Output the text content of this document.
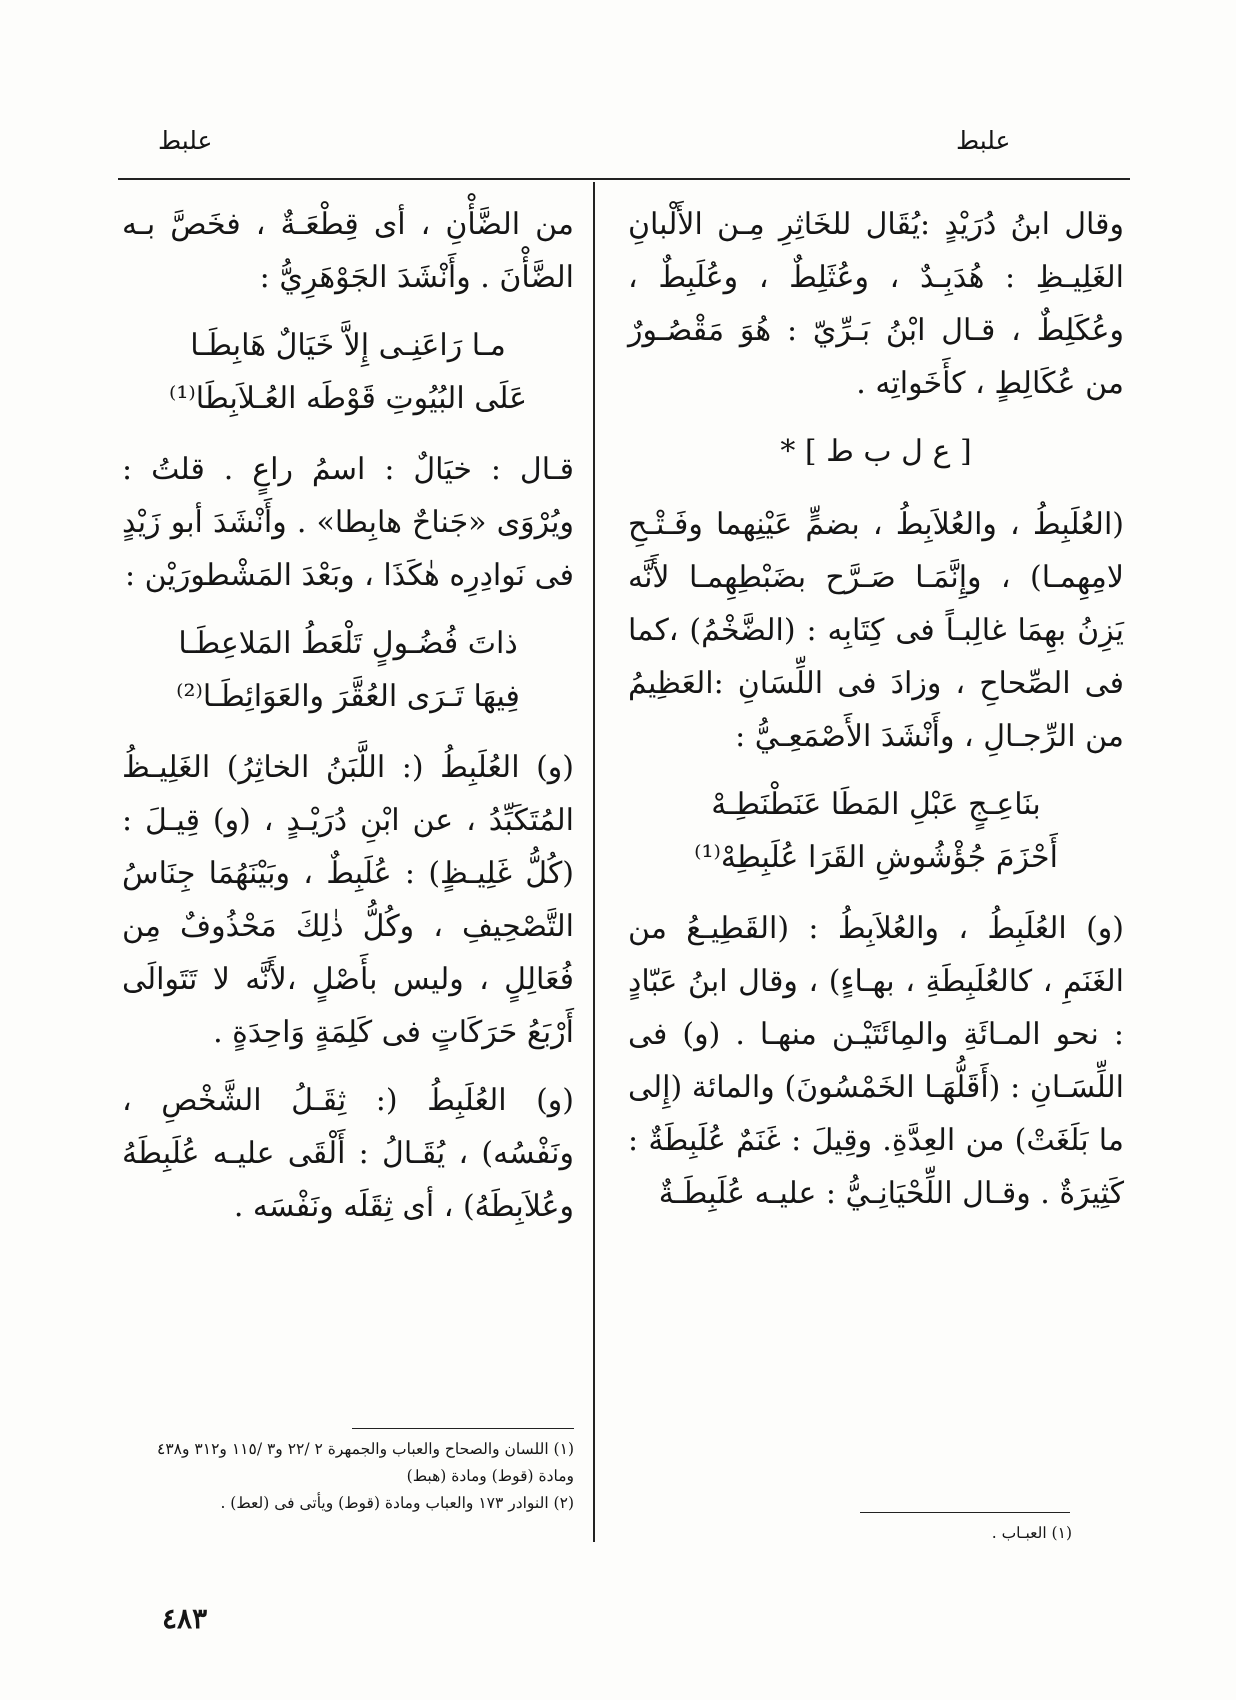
علبط
علبط

وقال ابنُ دُرَيْدٍ :يُقَال للخَاثِرِ مِـن الأَلْبانِ الغَلِيـظِ : هُدَبِـدٌ ، وعُثَلِطٌ ، وعُلَبِطٌ ، وعُكَلِطٌ ، قـال ابْنُ بَـرِّيّ : هُوَ مَقْصُـورٌ من عُكَالِطٍ ، كأَخَواتِه .

[ ع ل ب ط ] *

(العُلَبِطُ ، والعُلاَبِطُ ، بضمٍّ عَيْنِهما وفَـتْـحِ لامِهِمـا) ، وإِنَّمَـا صَـرَّح بضَبْطِهِمـا لأَنَّه يَزِنُ بهِمَا غالِبـاً فى كِتَابِه : (الضَّخْمُ) ،كما فى الصِّحاحِ ، وزادَ فى اللِّسَانِ :العَظِيمُ من الرِّجـالِ ، وأَنْشَدَ الأَصْمَعِـيُّ :

بنَاعِـجٍ عَبْلِ المَطَا عَنَطْنَطِـهْ
أَحْزَمَ جُؤْشُوشِ القَرَا عُلَبِطِهْ⁽¹⁾

(و) العُلَبِطُ ، والعُلاَبِطُ : (القَطِيـعُ من الغَنَمِ ، كالعُلَبِطَةِ ، بهـاءٍ) ، وقال ابنُ عَبّادٍ : نحو المـائَةِ والمِائَتَيْـن منهـا . (و) فى اللِّسَـانِ : (أَقَلُّهَـا الخَمْسُونَ) والمائة (إِلى ما بَلَغَتْ) من العِدَّةِ. وقِيلَ : غَنَمٌ عُلَبِطَةٌ : كَثِيرَةٌ . وقـال اللِّحْيَانِـيُّ : عليـه عُلَبِطَـةٌ

من الضَّأْنِ ، أى قِطْعَـةٌ ، فخَصَّ بـه الضَّأْنَ . وأَنْشَدَ الجَوْهَرِيُّ :

مـا رَاعَنِـى إِلاَّ خَيَالٌ هَابِطَـا
عَلَى البُيُوتِ قَوْطَه العُـلاَبِطَا⁽¹⁾

قـال : خيَالٌ : اسمُ راعٍ . قلتُ : ويُرْوَى «جَناحٌ هابِطا» . وأَنْشَدَ أبو زَيْدٍ فى نَوادِرِه هٰكَذَا ، وبَعْدَ المَشْطورَيْن :

ذاتَ فُضُـولٍ تَلْعَطُ المَلاعِطَـا
فِيهَا تَـرَى العُقَّرَ والعَوَائِطَـا⁽²⁾

(و) العُلَبِطُ (: اللَّبَنُ الخاثِرُ) الغَلِيـظُ المُتَكَبِّدُ ، عن ابْنِ دُرَيْـدٍ ، (و) قِيـلَ : (كُلُّ غَلِيـظٍ) : عُلَبِطٌ ، وبَيْنَهُمَا جِنَاسُ التَّصْحِيفِ ، وكُلُّ ذٰلِكَ مَحْذُوفٌ مِن فُعَالِلٍ ، وليس بأَصْلٍ ،لأَنَّه لا تَتَوالَى أَرْبَعُ حَرَكَاتٍ فى كَلِمَةٍ وَاحِدَةٍ .

(و) العُلَبِطُ (: ثِقَـلُ الشَّخْصِ ، ونَفْسُه) ، يُقَـالُ : أَلْقَى عليـه عُلَبِطَهُ وعُلاَبِطَهُ) ، أى ثِقَلَه ونَفْسَه .

(١) العبـاب .
(١) اللسان والصحاح والعباب والجمهرة ٢ /٢٢ و٣ /١١٥ و٣١٢ و٤٣٨ ومادة (قوط) ومادة (هبط)
(٢) النوادر ١٧٣ والعباب ومادة (قوط) ويأتى فى (لعط) .
٤٨٣
